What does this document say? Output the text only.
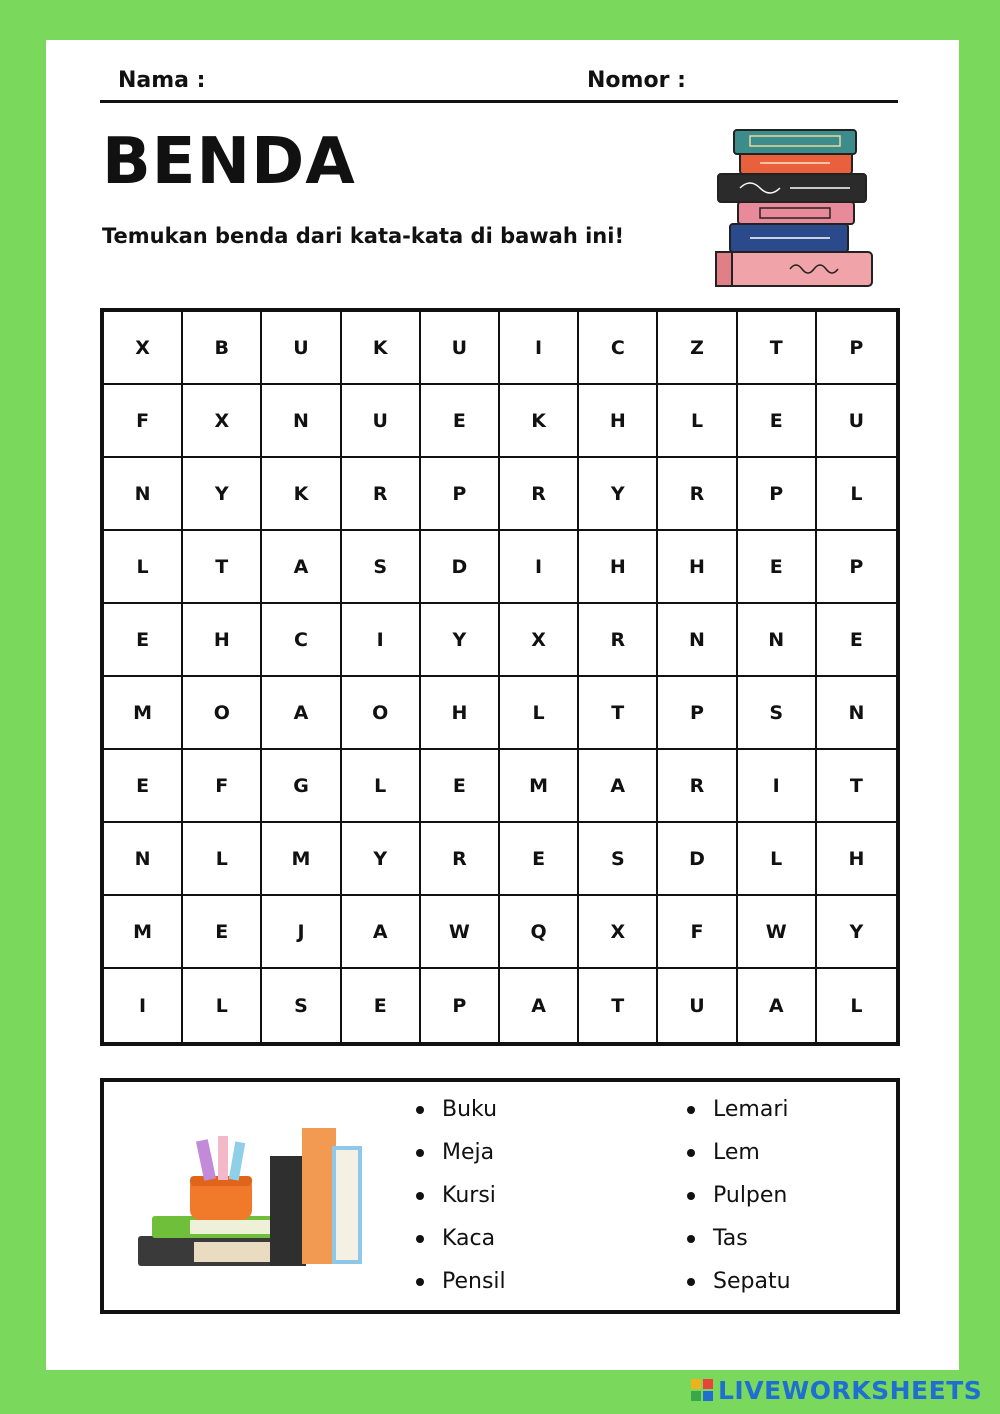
Nama :	Nomor :
BENDA
Temukan benda dari kata-kata di bawah ini!
X	B	U	K	U	I	C	Z	T	P
F	X	N	U	E	K	H	L	E	U
N	Y	K	R	P	R	Y	R	P	L
L	T	A	S	D	I	H	H	E	P
E	H	C	I	Y	X	R	N	N	E
M	O	A	O	H	L	T	P	S	N
E	F	G	L	E	M	A	R	I	T
N	L	M	Y	R	E	S	D	L	H
M	E	J	A	W	Q	X	F	W	Y
I	L	S	E	P	A	T	U	A	L
Buku
Meja
Kursi
Kaca
Pensil
Lemari
Lem
Pulpen
Tas
Sepatu
LIVEWORKSHEETS
